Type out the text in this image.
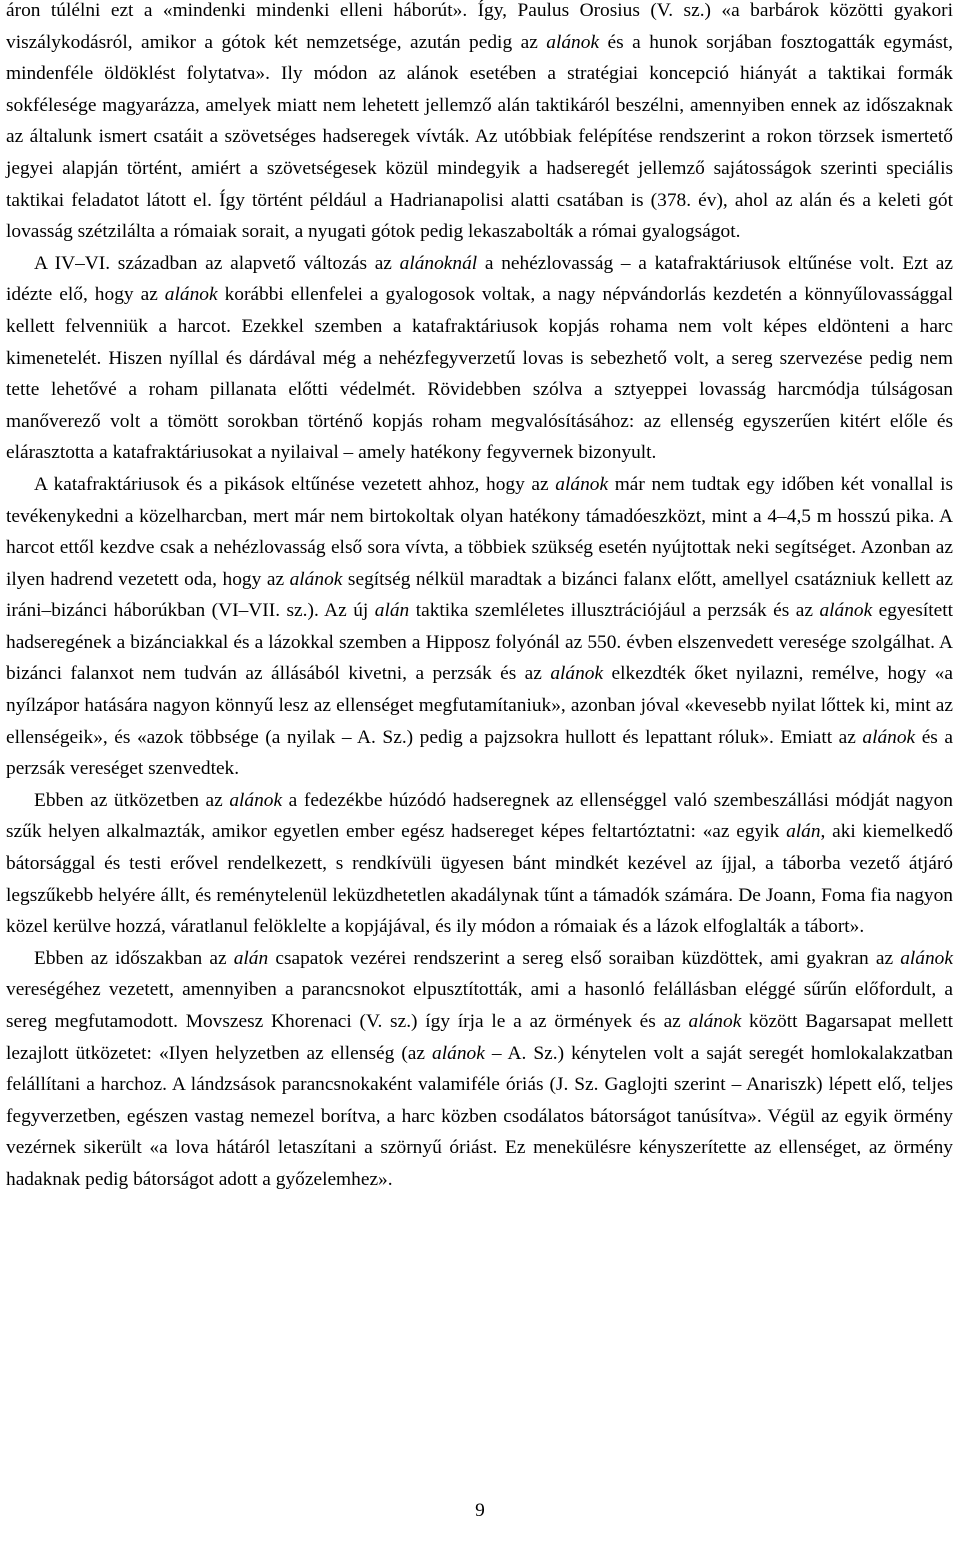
áron túlélni ezt a «mindenki mindenki elleni háborút». Így, Paulus Orosius (V. sz.) «a barbárok közötti gyakori viszálykodásról, amikor a gótok két nemzetsége, azután pedig az alánok és a hunok sorjában fosztogatták egymást, mindenféle öldöklést folytatva». Ily módon az alánok esetében a stratégiai koncepció hiányát a taktikai formák sokfélesége magyarázza, amelyek miatt nem lehetett jellemző alán taktikáról beszélni, amennyiben ennek az időszaknak az általunk ismert csatáit a szövetséges hadseregek vívták. Az utóbbiak felépítése rendszerint a rokon törzsek ismertető jegyei alapján történt, amiért a szövetségesek közül mindegyik a hadseregét jellemző sajátosságok szerinti speciális taktikai feladatot látott el. Így történt például a Hadrianapolisi alatti csatában is (378. év), ahol az alán és a keleti gót lovasság szétzilálta a rómaiak sorait, a nyugati gótok pedig lekaszabolták a római gyalogságot.

A IV–VI. században az alapvető változás az alánoknál a nehézlovasság – a katafraktáriusok eltűnése volt. Ezt az idézte elő, hogy az alánok korábbi ellenfelei a gyalogosok voltak, a nagy népvándorlás kezdetén a könnyűlovassággal kellett felvenniük a harcot. Ezekkel szemben a katafraktáriusok kopjás rohama nem volt képes eldönteni a harc kimenetelét. Hiszen nyíllal és dárdával még a nehézfegyverzetű lovas is sebezhető volt, a sereg szervezése pedig nem tette lehetővé a roham pillanata előtti védelmét. Rövidebben szólva a sztyeppei lovasság harcmódja túlságosan manőverező volt a tömött sorokban történő kopjás roham megvalósításához: az ellenség egyszerűen kitért előle és elárasztotta a katafraktáriusokat a nyilaival – amely hatékony fegyvernek bizonyult.

A katafraktáriusok és a pikások eltűnése vezetett ahhoz, hogy az alánok már nem tudtak egy időben két vonallal is tevékenykedni a közelharcban, mert már nem birtokoltak olyan hatékony támadóeszközt, mint a 4–4,5 m hosszú pika. A harcot ettől kezdve csak a nehézlovasság első sora vívta, a többiek szükség esetén nyújtottak neki segítséget. Azonban az ilyen hadrend vezetett oda, hogy az alánok segítség nélkül maradtak a bizánci falanx előtt, amellyel csatázniuk kellett az iráni–bizánci háborúkban (VI–VII. sz.). Az új alán taktika szemléletes illusztrációjául a perzsák és az alánok egyesített hadseregének a bizánciakkal és a lázokkal szemben a Hipposz folyónál az 550. évben elszenvedett veresége szolgálhat. A bizánci falanxot nem tudván az állásából kivetni, a perzsák és az alánok elkezdték őket nyilazni, remélve, hogy «a nyílzápor hatására nagyon könnyű lesz az ellenséget megfutamítaniuk», azonban jóval «kevesebb nyilat lőttek ki, mint az ellenségeik», és «azok többsége (a nyilak – A. Sz.) pedig a pajzsokra hullott és lepattant róluk». Emiatt az alánok és a perzsák vereséget szenvedtek.

Ebben az ütközetben az alánok a fedezékbe húzódó hadseregnek az ellenséggel való szembeszállási módját nagyon szűk helyen alkalmazták, amikor egyetlen ember egész hadsereget képes feltartóztatni: «az egyik alán, aki kiemelkedő bátorsággal és testi erővel rendelkezett, s rendkívüli ügyesen bánt mindkét kezével az íjjal, a táborba vezető átjáró legszűkebb helyére állt, és reménytelenül leküzdhetetlen akadálynak tűnt a támadók számára. De Joann, Foma fia nagyon közel kerülve hozzá, váratlanul felöklelte a kopjájával, és ily módon a rómaiak és a lázok elfoglalták a tábort».

Ebben az időszakban az alán csapatok vezérei rendszerint a sereg első soraiban küzdöttek, ami gyakran az alánok vereségéhez vezetett, amennyiben a parancsnokot elpusztították, ami a hasonló felállásban eléggé sűrűn előfordult, a sereg megfutamodott. Movszesz Khorenaci (V. sz.) így írja le a az örmények és az alánok között Bagarsapat mellett lezajlott ütközetet: «Ilyen helyzetben az ellenség (az alánok – A. Sz.) kénytelen volt a saját seregét homlokalakzatban felállítani a harchoz. A lándzsások parancsnokaként valamiféle óriás (J. Sz. Gaglojti szerint – Anariszk) lépett elő, teljes fegyverzetben, egészen vastag nemezel borítva, a harc közben csodálatos bátorságot tanúsítva». Végül az egyik örmény vezérnek sikerült «a lova hátáról letaszítani a szörnyű óriást. Ez menekülésre kényszerítette az ellenséget, az örmény hadaknak pedig bátorságot adott a győzelemhez».

9
